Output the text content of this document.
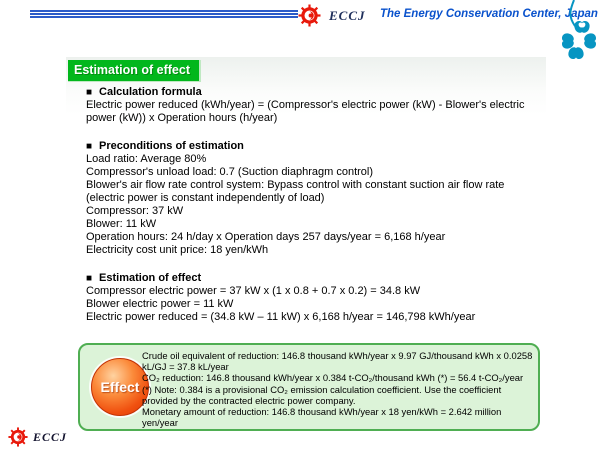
ECCJ The Energy Conservation Center, Japan
Estimation of effect
■ Calculation formula
Electric power reduced (kWh/year) = (Compressor's electric power (kW) - Blower's electric power (kW)) x Operation hours (h/year)
■ Preconditions of estimation
Load ratio: Average 80%
Compressor's unload load: 0.7 (Suction diaphragm control)
Blower's air flow rate control system: Bypass control with constant suction air flow rate (electric power is constant independently of load)
Compressor: 37 kW
Blower: 11 kW
Operation hours: 24 h/day x Operation days 257 days/year = 6,168 h/year
Electricity cost unit price: 18 yen/kWh
■ Estimation of effect
Compressor electric power = 37 kW x (1 x 0.8 + 0.7 x 0.2) = 34.8 kW
Blower electric power = 11 kW
Electric power reduced = (34.8 kW – 11 kW) x 6,168 h/year = 146,798 kWh/year
Effect
Crude oil equivalent of reduction: 146.8 thousand kWh/year x 9.97 GJ/thousand kWh x 0.0258 kL/GJ = 37.8 kL/year
CO₂ reduction: 146.8 thousand kWh/year x 0.384 t-CO₂/thousand kWh (*) = 56.4 t-CO₂/year
(*) Note: 0.384 is a provisional CO₂ emission calculation coefficient. Use the coefficient provided by the contracted electric power company.
Monetary amount of reduction: 146.8 thousand kWh/year x 18 yen/kWh = 2.642 million yen/year
ECCJ
